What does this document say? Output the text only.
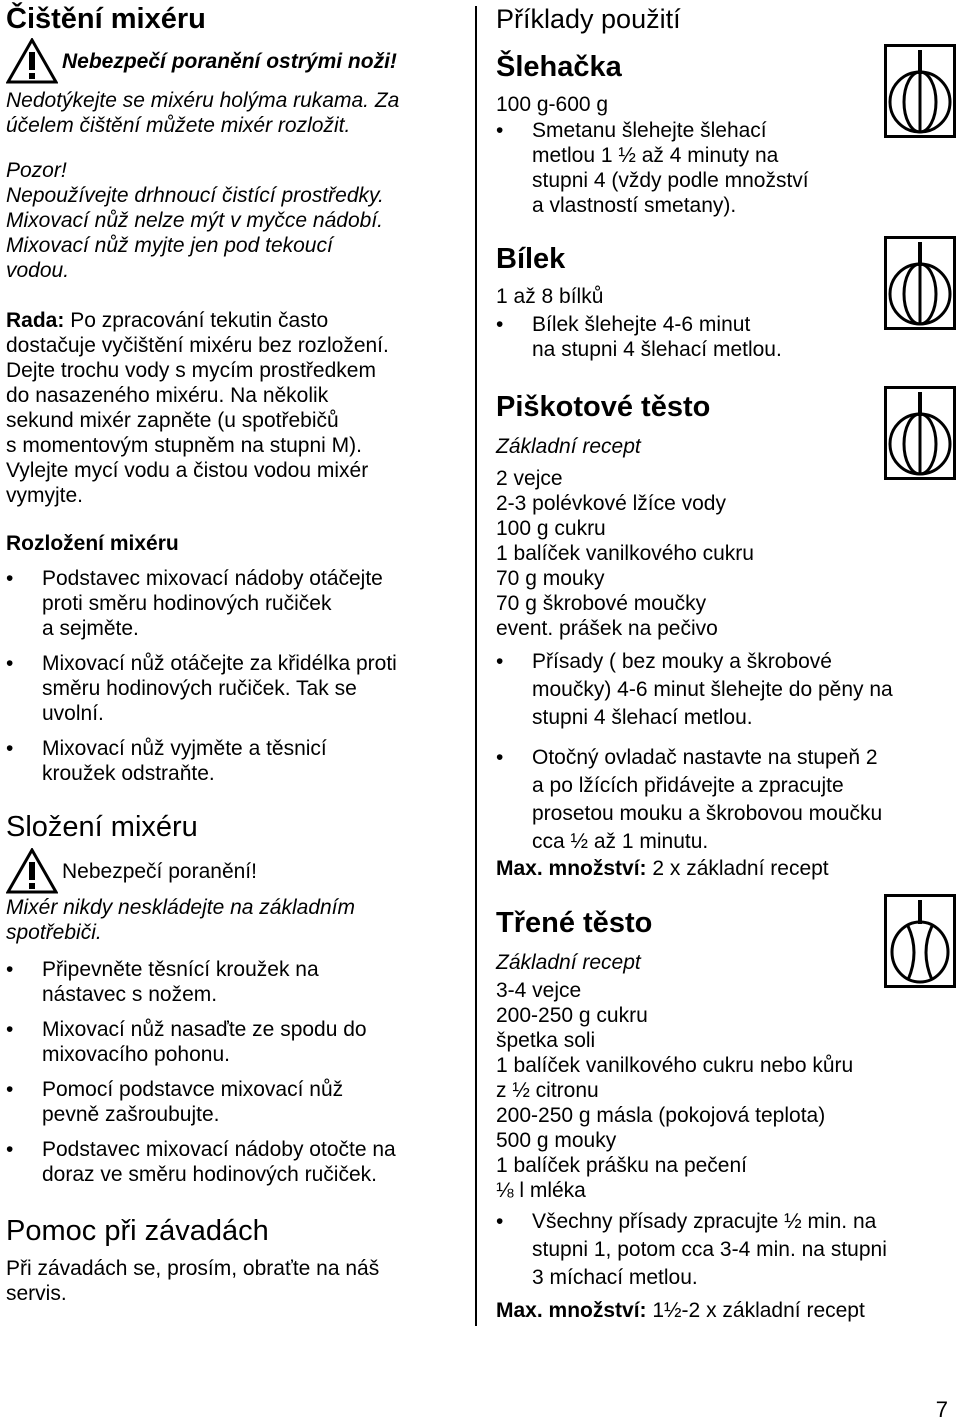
Čištění mixéru
Nebezpečí poranění ostrými noži!
Nedotýkejte se mixéru holýma rukama. Za
účelem čištění můžete mixér rozložit.
Pozor!
Nepoužívejte drhnoucí čistící prostředky.
Mixovací nůž nelze mýt v myčce nádobí.
Mixovací nůž myjte jen pod tekoucí
vodou.
Rada: Po zpracování tekutin často
dostačuje vyčištění mixéru bez rozložení.
Dejte trochu vody s mycím prostředkem
do nasazeného mixéru. Na několik
sekund mixér zapněte (u spotřebičů
s momentovým stupněm na stupni M).
Vylejte mycí vodu a čistou vodou mixér
vymyjte.
Rozložení mixéru
• Podstavec mixovací nádoby otáčejte
proti směru hodinových ručiček
a sejměte.
• Mixovací nůž otáčejte za křidélka proti
směru hodinových ručiček. Tak se
uvolní.
• Mixovací nůž vyjměte a těsnicí
kroužek odstraňte.
Složení mixéru
Nebezpečí poranění!
Mixér nikdy neskládejte na základním
spotřebiči.
• Připevněte těsnící kroužek na
nástavec s nožem.
• Mixovací nůž nasaďte ze spodu do
mixovacího pohonu.
• Pomocí podstavce mixovací nůž
pevně zašroubujte.
• Podstavec mixovací nádoby otočte na
doraz ve směru hodinových ručiček.
Pomoc při závadách
Při závadách se, prosím, obraťte na náš
servis.
Příklady použití
Šlehačka
100 g-600 g
• Smetanu šlehejte šlehací
metlou 1 ½ až 4 minuty na
stupni 4 (vždy podle množství
a vlastností smetany).
Bílek
1 až 8 bílků
• Bílek šlehejte 4-6 minut
na stupni 4 šlehací metlou.
Piškotové těsto
Základní recept
2 vejce
2-3 polévkové lžíce vody
100 g cukru
1 balíček vanilkového cukru
70 g mouky
70 g škrobové moučky
event. prášek na pečivo
• Přísady ( bez mouky a škrobové
moučky) 4-6 minut šlehejte do pěny na
stupni 4 šlehací metlou.
• Otočný ovladač nastavte na stupeň 2
a po lžících přidávejte a zpracujte
prosetou mouku a škrobovou moučku
cca ½ až 1 minutu.
Max. množství: 2 x základní recept
Třené těsto
Základní recept
3-4 vejce
200-250 g cukru
špetka soli
1 balíček vanilkového cukru nebo kůru
z ½ citronu
200-250 g másla (pokojová teplota)
500 g mouky
1 balíček prášku na pečení
⅛ l mléka
• Všechny přísady zpracujte ½ min. na
stupni 1, potom cca 3-4 min. na stupni
3 míchací metlou.
Max. množství: 1½-2 x základní recept
7
